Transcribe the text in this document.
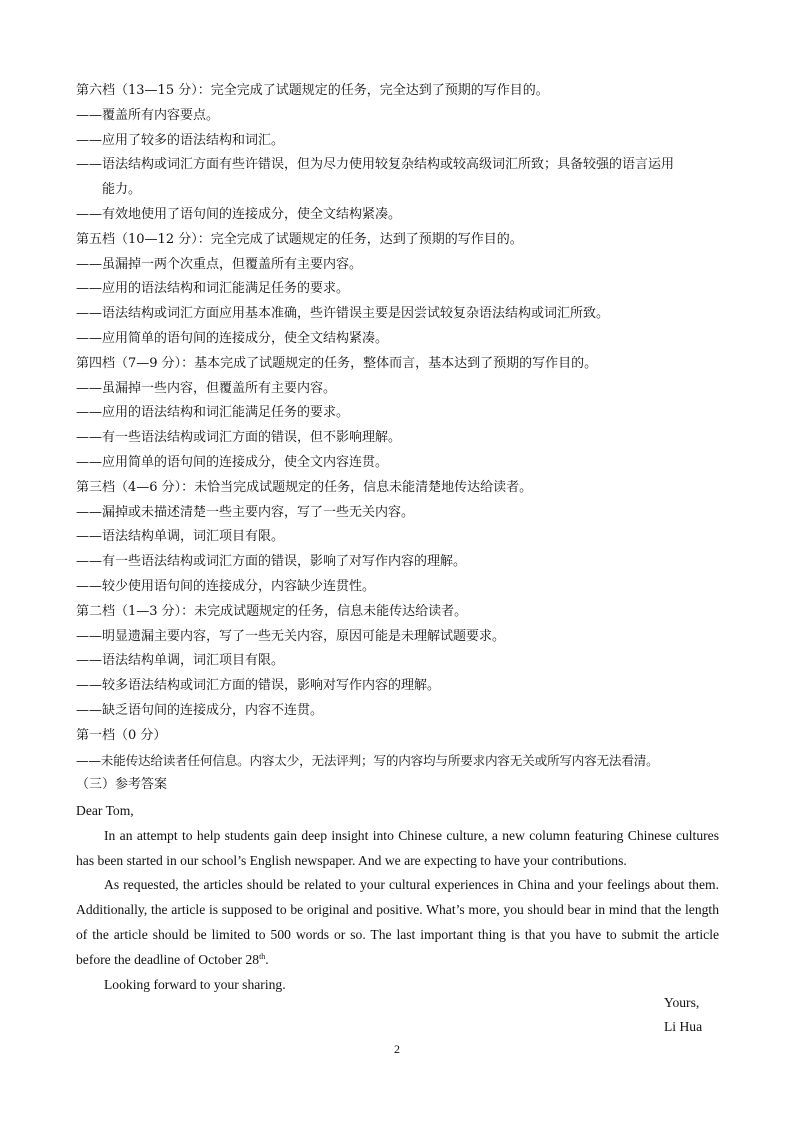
第六档（13—15 分）：完全完成了试题规定的任务，完全达到了预期的写作目的。
——覆盖所有内容要点。
——应用了较多的语法结构和词汇。
——语法结构或词汇方面有些许错误，但为尽力使用较复杂结构或较高级词汇所致；具备较强的语言运用
能力。
——有效地使用了语句间的连接成分，使全文结构紧凑。
第五档（10—12 分）：完全完成了试题规定的任务，达到了预期的写作目的。
——虽漏掉一两个次重点，但覆盖所有主要内容。
——应用的语法结构和词汇能满足任务的要求。
——语法结构或词汇方面应用基本准确，些许错误主要是因尝试较复杂语法结构或词汇所致。
——应用简单的语句间的连接成分，使全文结构紧凑。
第四档（7—9 分）：基本完成了试题规定的任务，整体而言，基本达到了预期的写作目的。
——虽漏掉一些内容，但覆盖所有主要内容。
——应用的语法结构和词汇能满足任务的要求。
——有一些语法结构或词汇方面的错误，但不影响理解。
——应用简单的语句间的连接成分，使全文内容连贯。
第三档（4—6 分）：未恰当完成试题规定的任务，信息未能清楚地传达给读者。
——漏掉或未描述清楚一些主要内容，写了一些无关内容。
——语法结构单调，词汇项目有限。
——有一些语法结构或词汇方面的错误，影响了对写作内容的理解。
——较少使用语句间的连接成分，内容缺少连贯性。
第二档（1—3 分）：未完成试题规定的任务，信息未能传达给读者。
——明显遗漏主要内容，写了一些无关内容，原因可能是未理解试题要求。
——语法结构单调，词汇项目有限。
——较多语法结构或词汇方面的错误，影响对写作内容的理解。
——缺乏语句间的连接成分，内容不连贯。
第一档（0 分）
——未能传达给读者任何信息。内容太少，无法评判；写的内容均与所要求内容无关或所写内容无法看清。
（三）参考答案

Dear Tom,

In an attempt to help students gain deep insight into Chinese culture, a new column featuring Chinese cultures has been started in our school’s English newspaper. And we are expecting to have your contributions.

As requested, the articles should be related to your cultural experiences in China and your feelings about them. Additionally, the article is supposed to be original and positive. What’s more, you should bear in mind that the length of the article should be limited to 500 words or so. The last important thing is that you have to submit the article before the deadline of October 28th.

Looking forward to your sharing.

Yours,
Li Hua
2
